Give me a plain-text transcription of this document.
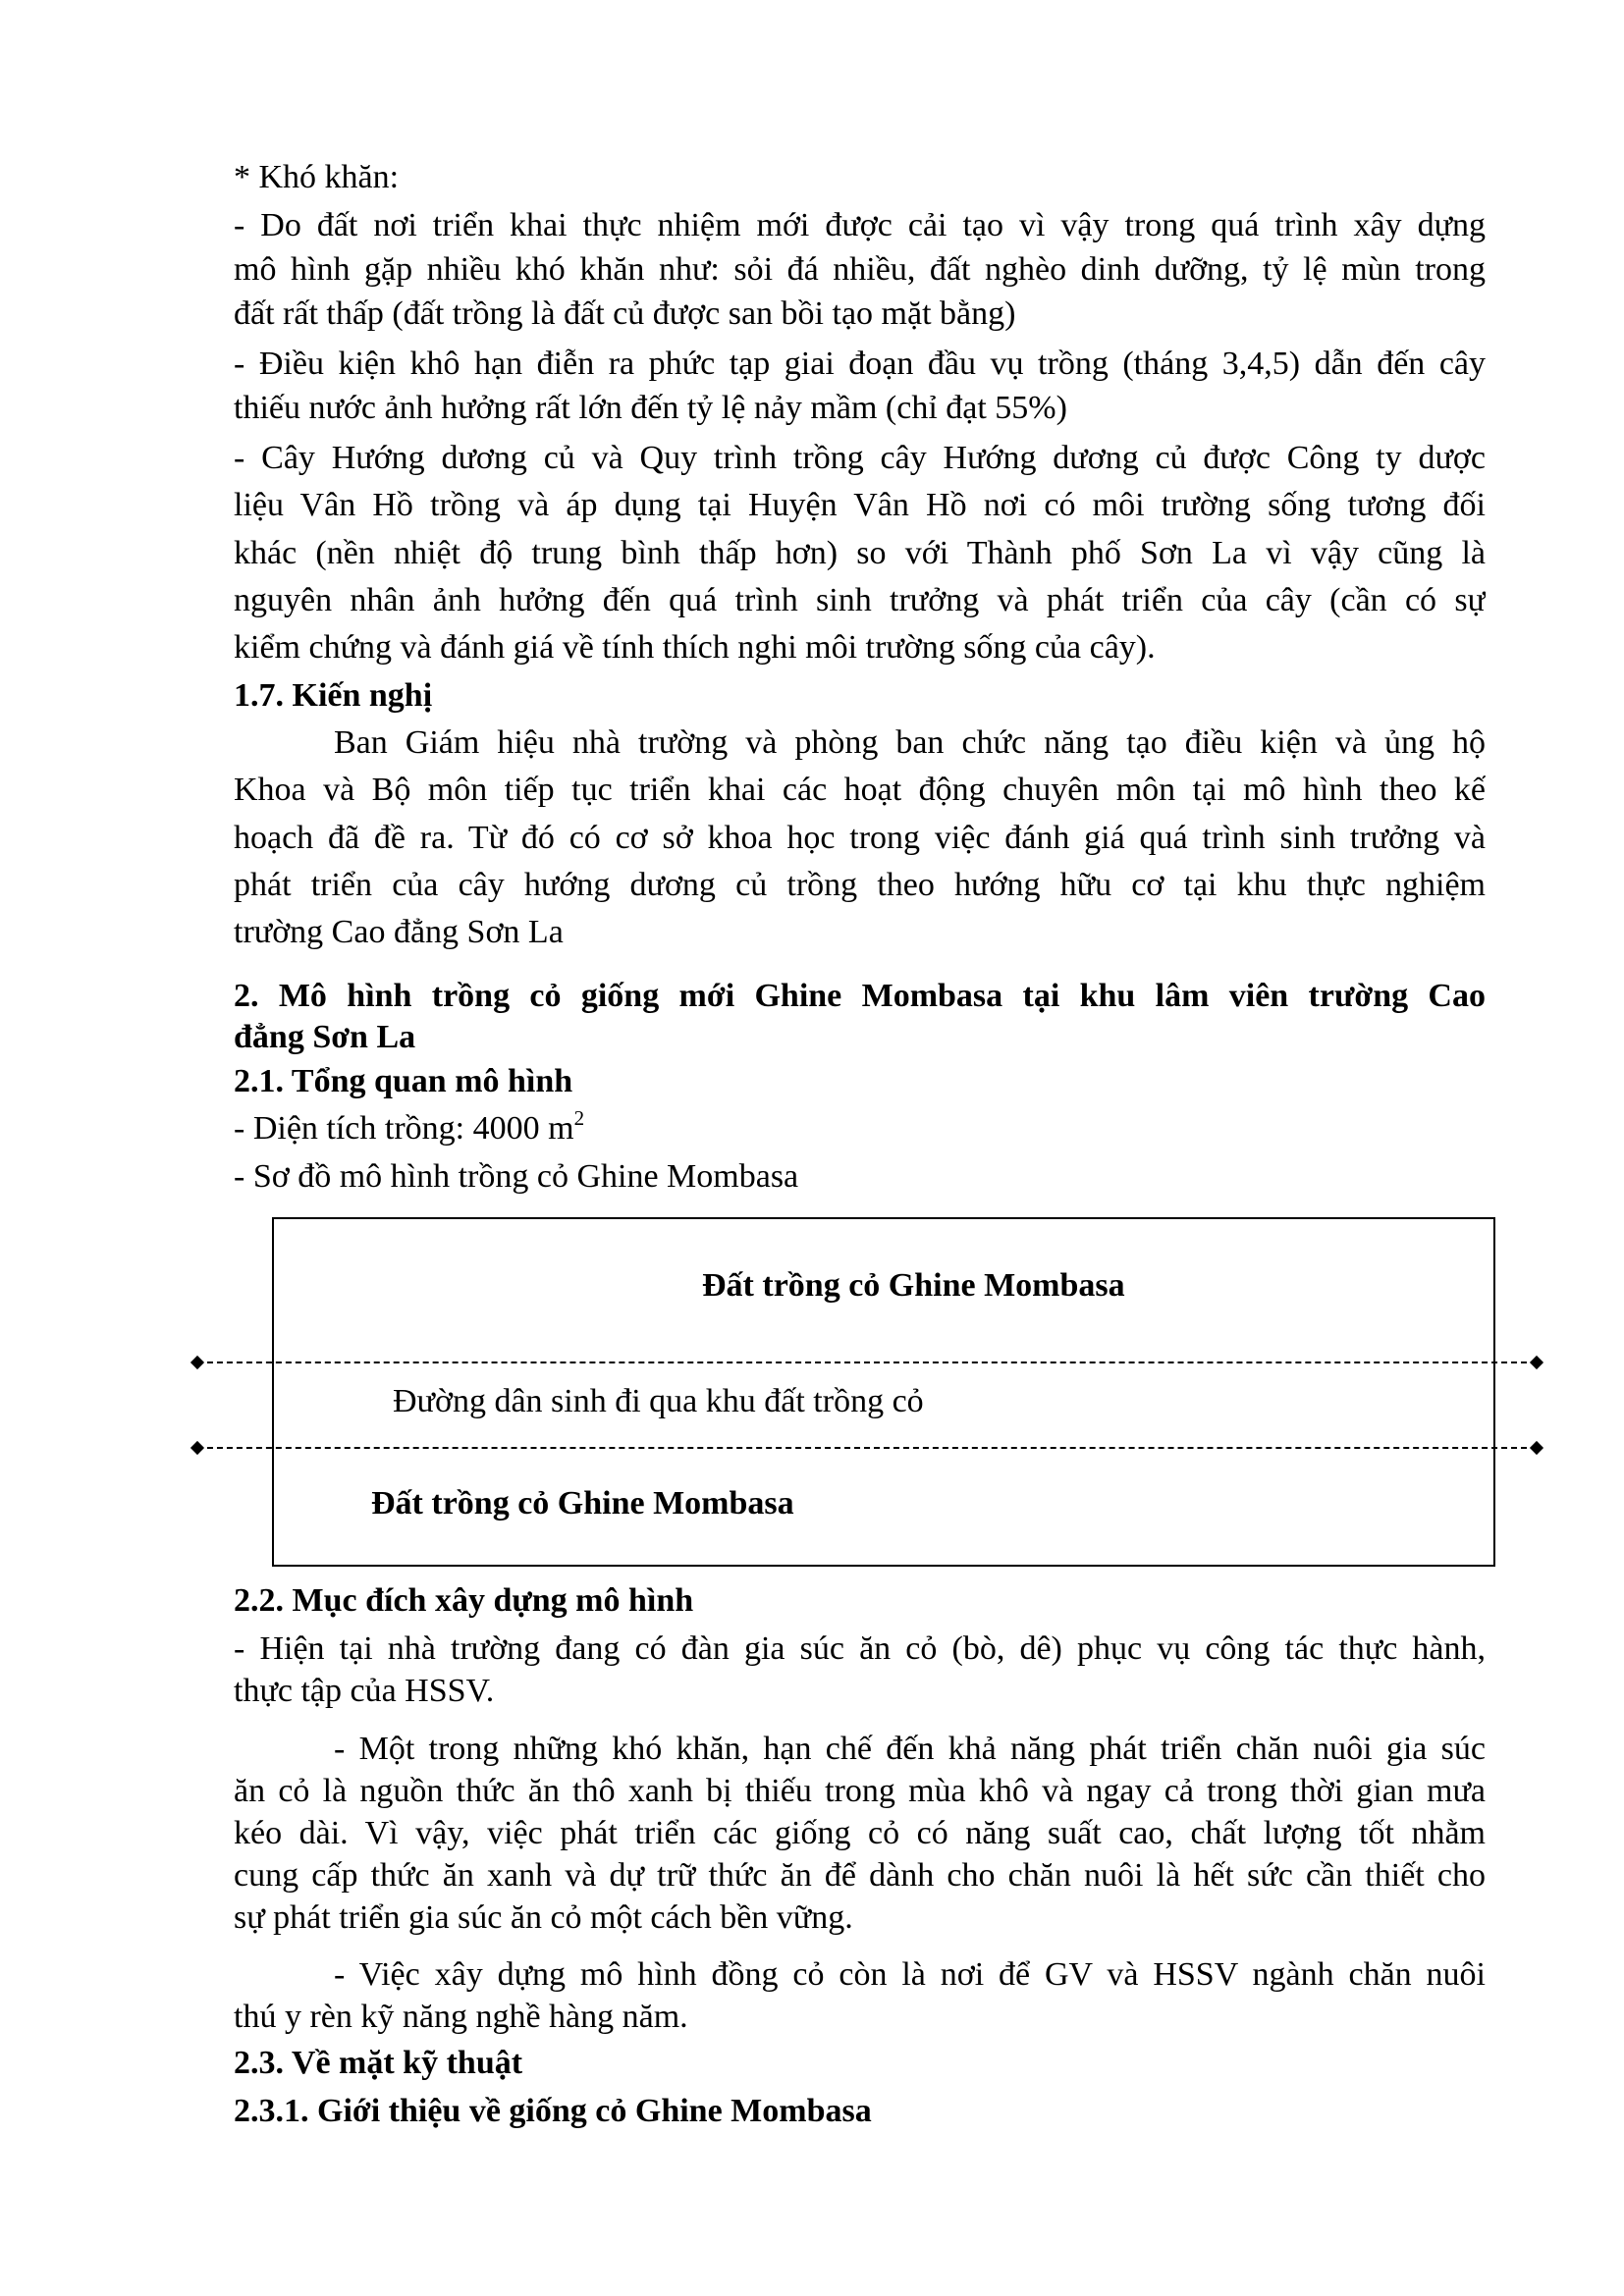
* Khó khăn:
- Do đất nơi triển khai thực nhiệm mới được cải tạo vì vậy trong quá trình xây dựng
mô hình gặp nhiều khó khăn như: sỏi đá nhiều, đất nghèo dinh dưỡng, tỷ lệ mùn trong
đất rất thấp (đất trồng là đất củ được san bồi tạo mặt bằng)
- Điều kiện khô hạn điễn ra phức tạp giai đoạn đầu vụ trồng (tháng 3,4,5) dẫn đến cây
thiếu nước ảnh hưởng rất lớn đến tỷ lệ nảy mầm (chỉ đạt 55%)
- Cây Hướng dương củ và Quy trình trồng cây Hướng dương củ được Công ty dược
liệu Vân Hồ trồng và áp dụng tại Huyện Vân Hồ nơi có môi trường sống tương đối
khác (nền nhiệt độ trung bình thấp hơn) so với Thành phố Sơn La vì vậy cũng là
nguyên nhân ảnh hưởng đến quá trình sinh trưởng và phát triển của cây (cần có sự
kiểm chứng và đánh giá về tính thích nghi môi trường sống của cây).
1.7. Kiến nghị
Ban Giám hiệu nhà trường và phòng ban chức năng tạo điều kiện và ủng hộ
Khoa và Bộ môn tiếp tục triển khai các hoạt động chuyên môn tại mô hình theo kế
hoạch đã đề ra. Từ đó có cơ sở khoa học trong việc đánh giá quá trình sinh trưởng và
phát triển của cây hướng dương củ trồng theo hướng hữu cơ tại khu thực nghiệm
trường Cao đẳng Sơn La
2. Mô hình trồng cỏ giống mới Ghine Mombasa tại khu lâm viên trường Cao
đẳng Sơn La
2.1. Tổng quan mô hình
- Diện tích trồng: 4000 $m^2$
- Sơ đồ mô hình trồng cỏ Ghine Mombasa
Đất trồng cỏ Ghine Mombasa
Đường dân sinh đi qua khu đất trồng cỏ
Đất trồng cỏ Ghine Mombasa
2.2. Mục đích xây dựng mô hình
- Hiện tại nhà trường đang có đàn gia súc ăn cỏ (bò, dê) phục vụ công tác thực hành,
thực tập của HSSV.
- Một trong những khó khăn, hạn chế đến khả năng phát triển chăn nuôi gia súc
ăn cỏ là nguồn thức ăn thô xanh bị thiếu trong mùa khô và ngay cả trong thời gian mưa
kéo dài. Vì vậy, việc phát triển các giống cỏ có năng suất cao, chất lượng tốt nhằm
cung cấp thức ăn xanh và dự trữ thức ăn để dành cho chăn nuôi là hết sức cần thiết cho
sự phát triển gia súc ăn cỏ một cách bền vững.
- Việc xây dựng mô hình đồng cỏ còn là nơi để GV và HSSV ngành chăn nuôi
thú y rèn kỹ năng nghề hàng năm.
2.3. Về mặt kỹ thuật
2.3.1. Giới thiệu về giống cỏ Ghine Mombasa
